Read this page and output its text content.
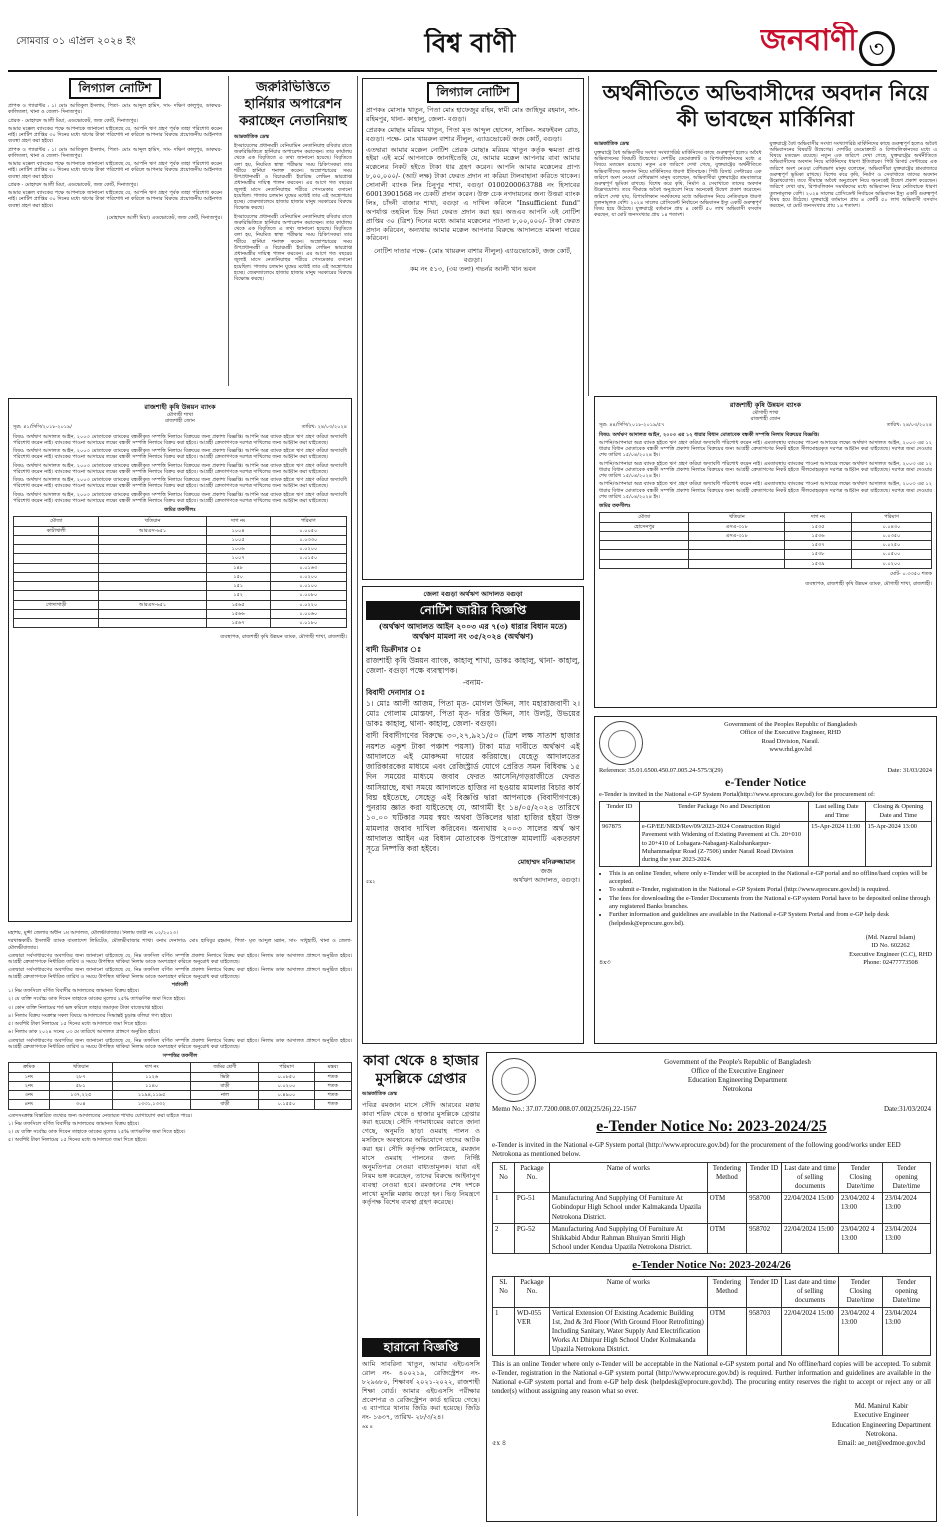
সোমবার ০১ এপ্রিল ২০২৪ ইং	বিশ্ব বাণী	জনবাণী ৩
লিগ্যাল নোটিশ
প্রাপক ও গ্যারান্টর : ১। মোঃ আতিকুল ইসলাম, পিতা- মোঃ আব্দুল হামিদ, সাং- দক্ষিণ কালুপুর, ডাকঘর- কালিতলা, থানা ও জেলা- দিনাজপুর।
প্রেরক - মোহাম্মদ আলী মিয়া, এডভোকেট, জজ কোর্ট, দিনাজপুর।
আমার মক্কেল ব্যাংকের পক্ষে আপনাকে জানানো যাইতেছে যে, আপনি ঋণ গ্রহণ পূর্বক তাহা পরিশোধ করেন নাই। নোটিশ প্রাপ্তির ৩০ দিনের মধ্যে ঋণের টাকা পরিশোধ না করিলে আপনার বিরুদ্ধে প্রয়োজনীয় আইনগত ব্যবস্থা গ্রহণ করা হইবে।
প্রাপক ও গ্যারান্টর : ১। মোঃ আতিকুল ইসলাম, পিতা- মোঃ আব্দুল হামিদ, সাং- দক্ষিণ কালুপুর, ডাকঘর- কালিতলা, থানা ও জেলা- দিনাজপুর।
আমার মক্কেল ব্যাংকের পক্ষে আপনাকে জানানো যাইতেছে যে, আপনি ঋণ গ্রহণ পূর্বক তাহা পরিশোধ করেন নাই। নোটিশ প্রাপ্তির ৩০ দিনের মধ্যে ঋণের টাকা পরিশোধ না করিলে আপনার বিরুদ্ধে প্রয়োজনীয় আইনগত ব্যবস্থা গ্রহণ করা হইবে।
প্রেরক - মোহাম্মদ আলী মিয়া, এডভোকেট, জজ কোর্ট, দিনাজপুর।
আমার মক্কেল ব্যাংকের পক্ষে আপনাকে জানানো যাইতেছে যে, আপনি ঋণ গ্রহণ পূর্বক তাহা পরিশোধ করেন নাই। নোটিশ প্রাপ্তির ৩০ দিনের মধ্যে ঋণের টাকা পরিশোধ না করিলে আপনার বিরুদ্ধে প্রয়োজনীয় আইনগত ব্যবস্থা গ্রহণ করা হইবে।
(মোহাম্মদ আলী মিয়া) এডভোকেট, জজ কোর্ট, দিনাজপুর।
জরুরিভিত্তিতে হার্নিয়ার অপারেশন করাচ্ছেন নেতানিয়াহু
আন্তর্জাতিক ডেস্ক
ইসরায়েলের প্রধানমন্ত্রী বেনিয়ামিন নেতানিয়াহু রবিবার রাতে জরুরিভিত্তিতে হার্নিয়ার অপারেশন করাচ্ছেন। তার কার্যালয় থেকে এক বিবৃতিতে এ তথ্য জানানো হয়েছে। বিবৃতিতে বলা হয়, নিয়মিত স্বাস্থ্য পরীক্ষার সময় চিকিৎসকরা তার শরীরে হার্নিয়া শনাক্ত করেন। অস্ত্রোপচারের সময় উপপ্রধানমন্ত্রী ও বিচারমন্ত্রী ইয়ারিভ লেভিন ভারপ্রাপ্ত প্রধানমন্ত্রীর দায়িত্ব পালন করবেন। এর আগে গত বছরের জুলাই মাসে নেতানিয়াহুর শরীরে পেসমেকার বসানো হয়েছিল। গাজায় চলমান যুদ্ধের মধ্যেই তার এই অস্ত্রোপচার হচ্ছে। জেরুজালেমে হাজার হাজার মানুষ সরকারের বিরুদ্ধে বিক্ষোভ করছে।
ইসরায়েলের প্রধানমন্ত্রী বেনিয়ামিন নেতানিয়াহু রবিবার রাতে জরুরিভিত্তিতে হার্নিয়ার অপারেশন করাচ্ছেন। তার কার্যালয় থেকে এক বিবৃতিতে এ তথ্য জানানো হয়েছে। বিবৃতিতে বলা হয়, নিয়মিত স্বাস্থ্য পরীক্ষার সময় চিকিৎসকরা তার শরীরে হার্নিয়া শনাক্ত করেন। অস্ত্রোপচারের সময় উপপ্রধানমন্ত্রী ও বিচারমন্ত্রী ইয়ারিভ লেভিন ভারপ্রাপ্ত প্রধানমন্ত্রীর দায়িত্ব পালন করবেন। এর আগে গত বছরের জুলাই মাসে নেতানিয়াহুর শরীরে পেসমেকার বসানো হয়েছিল। গাজায় চলমান যুদ্ধের মধ্যেই তার এই অস্ত্রোপচার হচ্ছে। জেরুজালেমে হাজার হাজার মানুষ সরকারের বিরুদ্ধে বিক্ষোভ করছে।
লিগ্যাল নোটিশ
প্রাপকঃ মোসাঃ খাতুন, পিতা মোঃ হাফেজুর রহিম, স্বামী মোঃ জাহিদুর রহমান, সাং- রহিমপুর, থানা- কাহালু, জেলা- বগুড়া।
প্রেরকঃ মোছাঃ মরিয়ম খাতুন, পিতা মৃত আব্দুল হোসেন, সাকিন- সরফইবল রোড, বগুড়া। পক্ষে- মোঃ খায়রুল বাশার নীলুল, এ্যাডভোকেট জজ কোর্ট, বগুড়া।
এতদ্বারা আমার মক্কেল নোটিশ প্রেরক মোছাঃ মরিয়ম খাতুন কর্তৃক ক্ষমতা প্রাপ্ত হইয়া এই মর্মে আপনাকে জানাইতেছি যে, আমার মক্কেল আপনার বাবা আমার মক্কেলের নিকট হইতে টাকা ধার গ্রহণ করেন। আপনি আমার মক্কেলের প্রাপ্য ৮,০০,০০০/- (আট লক্ষ) টাকা ফেরত প্রদান না করিয়া টালবাহানা করিতে থাকেন। সোনালী ব্যাংক লিঃ চিনুপুর শাখা, বগুড়া 0100200063788 নং হিসাবের 60013901568 নং চেকটি প্রদান করেন। উক্ত চেক নগদায়নের জন্য উত্তরা ব্যাংক লিঃ, চাঁদনী বাজার শাখা, বগুড়া এ দাখিল করিলে "Insufficient fund" অপর্যাপ্ত তহবিল চিহ্ন দিয়া ফেরত প্রদান করা হয়। অতএব আপনি এই নোটিশ প্রাপ্তির ৩০ (ত্রিশ) দিনের মধ্যে আমার মক্কেলের পাওনা ৮,০০,০০০/- টাকা ফেরত প্রদান করিবেন, অন্যথায় আমার মক্কেল আপনার বিরুদ্ধে আদালতে মামলা দায়ের করিবেন।
নোটিশ দাতার পক্ষে- (মোঃ খায়রুল বাশার নীলুল) এ্যাডভোকেট, জজ কোর্ট, বগুড়া।
কম নং ৫১৩, (৩য় তলা) গভর্নর আলী খান ভবন
অর্থনীতিতে অভিবাসীদের অবদান নিয়ে কী ভাবছেন মার্কিনিরা
আন্তর্জাতিক ডেস্ক
যুক্তরাষ্ট্রে বৈধ অভিবাসীর সংখ্যা সংখ্যাগরিষ্ঠ মার্কিনিদের কাছে গুরুত্বপূর্ণ হলেও অবৈধ অভিবাসনের বিষয়টি উদ্বেগের। দেশটির ডেমোক্র্যাট ও রিপাবলিকানদের মধ্যে এ বিষয়ে মতভেদ রয়েছে। নতুন এক জরিপে দেখা গেছে, যুক্তরাষ্ট্রের অর্থনীতিতে অভিবাসীদের অবদান নিয়ে মার্কিনিদের ধারণা ইতিবাচক। পিউ রিসার্চ সেন্টারের এক জরিপে অংশ নেওয়া বেশিরভাগ মানুষ বলেছেন, অভিবাসীরা যুক্তরাষ্ট্রের শ্রমবাজারে গুরুত্বপূর্ণ ভূমিকা রাখছে। বিশেষ করে কৃষি, নির্মাণ ও সেবাখাতে তাদের অবদান উল্লেখযোগ্য। তবে সীমান্তে অবৈধ অনুপ্রবেশ নিয়ে অনেকেই উদ্বেগ প্রকাশ করেছেন। জরিপে দেখা যায়, রিপাবলিকান সমর্থকদের মধ্যে অভিবাসন নিয়ে নেতিবাচক ধারণা তুলনামূলক বেশি। ২০২৪ সালের প্রেসিডেন্ট নির্বাচনে অভিবাসন ইস্যু একটি গুরুত্বপূর্ণ বিষয় হয়ে উঠেছে। যুক্তরাষ্ট্রে বর্তমানে প্রায় ৪ কোটি ৫০ লাখ অভিবাসী বসবাস করছেন, যা মোট জনসংখ্যার প্রায় ১৪ শতাংশ।
যুক্তরাষ্ট্রে বৈধ অভিবাসীর সংখ্যা সংখ্যাগরিষ্ঠ মার্কিনিদের কাছে গুরুত্বপূর্ণ হলেও অবৈধ অভিবাসনের বিষয়টি উদ্বেগের। দেশটির ডেমোক্র্যাট ও রিপাবলিকানদের মধ্যে এ বিষয়ে মতভেদ রয়েছে। নতুন এক জরিপে দেখা গেছে, যুক্তরাষ্ট্রের অর্থনীতিতে অভিবাসীদের অবদান নিয়ে মার্কিনিদের ধারণা ইতিবাচক। পিউ রিসার্চ সেন্টারের এক জরিপে অংশ নেওয়া বেশিরভাগ মানুষ বলেছেন, অভিবাসীরা যুক্তরাষ্ট্রের শ্রমবাজারে গুরুত্বপূর্ণ ভূমিকা রাখছে। বিশেষ করে কৃষি, নির্মাণ ও সেবাখাতে তাদের অবদান উল্লেখযোগ্য। তবে সীমান্তে অবৈধ অনুপ্রবেশ নিয়ে অনেকেই উদ্বেগ প্রকাশ করেছেন। জরিপে দেখা যায়, রিপাবলিকান সমর্থকদের মধ্যে অভিবাসন নিয়ে নেতিবাচক ধারণা তুলনামূলক বেশি। ২০২৪ সালের প্রেসিডেন্ট নির্বাচনে অভিবাসন ইস্যু একটি গুরুত্বপূর্ণ বিষয় হয়ে উঠেছে। যুক্তরাষ্ট্রে বর্তমানে প্রায় ৪ কোটি ৫০ লাখ অভিবাসী বসবাস করছেন, যা মোট জনসংখ্যার প্রায় ১৪ শতাংশ।
রাজশাহী কৃষি উন্নয়ন ব্যাংক
মৌগাছী শাখা
রাজশাহী জোন
সূত্র: ৪৪/সিসি/২০১৮-২০১৯/৫৭	তারিখ: ২৪/০৩/২০২৪
বিষয়: অর্থঋণ আদালত আইন, ২০০৩ এর ১২ ধারার বিধান মোতাবেক বন্ধকী সম্পত্তি নিলাম বিক্রয়ের বিজ্ঞপ্তি।
আপনি/আপনারা অত্র ব্যাংক হইতে ঋণ গ্রহণ করিয়া অদ্যাবধি পরিশোধ করেন নাই। এমতাবস্থায় ব্যাংকের পাওনা আদায়ের লক্ষ্যে অর্থঋণ আদালত আইন, ২০০৩ এর ১২ ধারার বিধান মোতাবেক বন্ধকী সম্পত্তি প্রকাশ্য নিলামে বিক্রয়ের জন্য আগ্রহী ক্রেতাগণের নিকট হইতে সীলমোহরকৃত দরপত্র আহ্বান করা যাইতেছে। দরপত্র জমা দেওয়ার শেষ তারিখ ১৫/০৪/২০২৪ ইং।
আপনি/আপনারা অত্র ব্যাংক হইতে ঋণ গ্রহণ করিয়া অদ্যাবধি পরিশোধ করেন নাই। এমতাবস্থায় ব্যাংকের পাওনা আদায়ের লক্ষ্যে অর্থঋণ আদালত আইন, ২০০৩ এর ১২ ধারার বিধান মোতাবেক বন্ধকী সম্পত্তি প্রকাশ্য নিলামে বিক্রয়ের জন্য আগ্রহী ক্রেতাগণের নিকট হইতে সীলমোহরকৃত দরপত্র আহ্বান করা যাইতেছে। দরপত্র জমা দেওয়ার শেষ তারিখ ১৫/০৪/২০২৪ ইং।
আপনি/আপনারা অত্র ব্যাংক হইতে ঋণ গ্রহণ করিয়া অদ্যাবধি পরিশোধ করেন নাই। এমতাবস্থায় ব্যাংকের পাওনা আদায়ের লক্ষ্যে অর্থঋণ আদালত আইন, ২০০৩ এর ১২ ধারার বিধান মোতাবেক বন্ধকী সম্পত্তি প্রকাশ্য নিলামে বিক্রয়ের জন্য আগ্রহী ক্রেতাগণের নিকট হইতে সীলমোহরকৃত দরপত্র আহ্বান করা যাইতেছে। দরপত্র জমা দেওয়ার শেষ তারিখ ১৫/০৪/২০২৪ ইং।
জমির তফসীলঃ
মৌজা	খতিয়ান	দাগ নং	পরিমাণ
হোসেনপুর	এসএ-৩১৮	১৫৩৫	০.০৪৩০
	এসএ-৩১৮	১৫৩৬	০.০৩৫০
		১৫৩৭	০.০২৫০
		১৫৩৮	০.০৫০০
		১৫৩৯	০.০২০০
মোট- ০.৩৩৫০ শতক
ব্যবস্থাপক, রাজশাহী কৃষি উন্নয়ন ব্যাংক, মৌগাছী শাখা, রাজশাহী।
রাজশাহী কৃষি উন্নয়ন ব্যাংক
মৌগাছী শাখা
রাজশাহী জোন
সূত্র: ৪১/সিসি/২০১৮-২০১৯/	তারিখ: ২৪/০৩/২০২৪
বিষয়: অর্থঋণ আদালত আইন, ২০০৩ মোতাবেক ব্যাংকের বন্ধকীকৃত সম্পত্তি নিলামে বিক্রয়ের জন্য প্রকাশ্য বিজ্ঞপ্তি। আপনি অত্র ব্যাংক হইতে ঋণ গ্রহণ করিয়া অদ্যাবধি পরিশোধ করেন নাই। ব্যাংকের পাওনা আদায়ের লক্ষ্যে বন্ধকী সম্পত্তি নিলামে বিক্রয় করা হইবে। আগ্রহী ক্রেতাগণকে দরপত্র দাখিলের জন্য আহ্বান করা যাইতেছে।
বিষয়: অর্থঋণ আদালত আইন, ২০০৩ মোতাবেক ব্যাংকের বন্ধকীকৃত সম্পত্তি নিলামে বিক্রয়ের জন্য প্রকাশ্য বিজ্ঞপ্তি। আপনি অত্র ব্যাংক হইতে ঋণ গ্রহণ করিয়া অদ্যাবধি পরিশোধ করেন নাই। ব্যাংকের পাওনা আদায়ের লক্ষ্যে বন্ধকী সম্পত্তি নিলামে বিক্রয় করা হইবে। আগ্রহী ক্রেতাগণকে দরপত্র দাখিলের জন্য আহ্বান করা যাইতেছে।
বিষয়: অর্থঋণ আদালত আইন, ২০০৩ মোতাবেক ব্যাংকের বন্ধকীকৃত সম্পত্তি নিলামে বিক্রয়ের জন্য প্রকাশ্য বিজ্ঞপ্তি। আপনি অত্র ব্যাংক হইতে ঋণ গ্রহণ করিয়া অদ্যাবধি পরিশোধ করেন নাই। ব্যাংকের পাওনা আদায়ের লক্ষ্যে বন্ধকী সম্পত্তি নিলামে বিক্রয় করা হইবে। আগ্রহী ক্রেতাগণকে দরপত্র দাখিলের জন্য আহ্বান করা যাইতেছে।
বিষয়: অর্থঋণ আদালত আইন, ২০০৩ মোতাবেক ব্যাংকের বন্ধকীকৃত সম্পত্তি নিলামে বিক্রয়ের জন্য প্রকাশ্য বিজ্ঞপ্তি। আপনি অত্র ব্যাংক হইতে ঋণ গ্রহণ করিয়া অদ্যাবধি পরিশোধ করেন নাই। ব্যাংকের পাওনা আদায়ের লক্ষ্যে বন্ধকী সম্পত্তি নিলামে বিক্রয় করা হইবে। আগ্রহী ক্রেতাগণকে দরপত্র দাখিলের জন্য আহ্বান করা যাইতেছে।
বিষয়: অর্থঋণ আদালত আইন, ২০০৩ মোতাবেক ব্যাংকের বন্ধকীকৃত সম্পত্তি নিলামে বিক্রয়ের জন্য প্রকাশ্য বিজ্ঞপ্তি। আপনি অত্র ব্যাংক হইতে ঋণ গ্রহণ করিয়া অদ্যাবধি পরিশোধ করেন নাই। ব্যাংকের পাওনা আদায়ের লক্ষ্যে বন্ধকী সম্পত্তি নিলামে বিক্রয় করা হইবে। আগ্রহী ক্রেতাগণকে দরপত্র দাখিলের জন্য আহ্বান করা যাইতেছে।
জমির তফসীলঃ
মৌজা	খতিয়ান	দাগ নং	পরিমাণ
কাটাখালী	আরএস-৬৫১	১০০৪	০.০০৫০
		১০০৫	০.০৩৩০
		১০০৬	০.০২০০
		১০০৭	০.০১৫০
		১৪৮	০.০১৬৩
		১৫০	০.০২০০
		১৫১	০.০১০০
		১৫২	০.০০৮০
গোদাগাড়ী	আরএস-৬৫১	১৫৬৫	০.০২২০
		১৫৬৬	০.০০৬০
		১৫৬৭	০.০১৮০
ব্যবস্থাপক, রাজশাহী কৃষি উন্নয়ন ব্যাংক, মৌগাছী শাখা, রাজশাহী।
জেলা বগুড়া অর্থঋণ আদালত বগুড়া
নোটিশ জারীর বিজ্ঞপ্তি
(অর্থঋণ আদালত আইন ২০০৩ এর ৭(৩) ধারার বিধান মতে)
অর্থঋণ মামলা নং ৩৫/২০২৪ (অর্থঋণ)
বাদী ডিক্রীদার ঃ
রাজশাহী কৃষি উন্নয়ন ব্যাংক, কাহালু শাখা, ডাকঃ কাহালু, থানা- কাহালু, জেলা- বগুড়া পক্ষে ব্যবস্থাপক।
-বনাম-
বিবাদী দেনাদার ঃ
১। মোঃ আলী আজম, পিতা মৃত- মোগল উদ্দিন, সাং মহারাজবাণী ২। মোঃ গোলাম মোস্তফা, পিতা মৃত- দরির উদ্দিন, সাং উলট্ট, উভয়ের ডাকঃ কাহালু, থানা- কাহালু, জেলা- বগুড়া।
বাদী বিবাদীগণের বিরুদ্ধে ৩০,২৭,৯২১/৫০ (ত্রিশ লক্ষ সাতাশ হাজার নয়শত একুশ টাকা পঞ্চাশ পয়সা) টাকা মাত্র দাবীতে অর্থঋণ এই আদালতে এই মোকদ্দমা দায়ের করিয়াছে। যেহেতু আদালতের জারিকারকের মাধ্যমে এবং রেজিস্ট্রার্ড যোগে প্রেরিত সমন বিধিবদ্ধ ১৫ দিন সময়ের মাধ্যমে জবাব ফেরত আসেনি/গড়রাজীতে ফেরত আসিয়াছে, যথা সময়ে আদালতে হাজির না হওয়ায় মামলার বিচার কার্য বিঘ্ন হইতেছে, সেহেতু এই বিজ্ঞপ্তি দ্বারা আপনাকে (বিবাদীগণকে) পুনরায় জ্ঞাত করা যাইতেছে যে, আগামী ইং ১৪/০৫/২০২৪ তারিখে ১০.০০ ঘটিকার সময় স্বয়ং অথবা উকিলের দ্বারা হাজির হইয়া উক্ত মামলার জবাব দাখিল করিবেন। অন্যথায় ২০০৩ সালের অর্থ ঋণ আদালত আইন এর বিধান মোতাবেক উপরোক্ত মামলাটি একতরফা সূত্রে নিষ্পত্তি করা হইবে।
৫x২
মোহাম্মদ মনিরুজ্জামান
জজ
অর্থঋণ আদালত, বগুড়া।
Government of the Peoples Republic of Bangladesh
Office of the Executive Engineer, RHD
Road Division, Narail.
www.rhd.gov.bd
Reference: 35.01.6500.450.07.005.24-575/3(29)	Date: 31/03/2024
e-Tender Notice
e-Tender is invited in the National e-GP System Portal(http://www.eprocure.gov.bd) for the procurement of:
Tender ID	Tender Package No and Description	Last selling Date and Time	Closing & Opening Date and Time
967875	e-GP/EE/NRD/Rev/09/2023-2024 Construction Rigid Pavement with Widening of Existing Pavement at Ch. 20+010 to 20+410 of Lohagara-Nabaganj-Kalishankarpur-Muhammadpur Road (Z-7506) under Narail Road Division during the year 2023-2024.	15-Apr-2024 11:00	15-Apr-2024 13:00
• This is an online Tender, where only e-Tender will be accepted in the National e-GP portal and no offline/hard copies will be accepted.
• To submit e-Tender, registration in the National e-GP System Portal (http://www.eprocure.gov.bd) is required.
• The fees for downloading the e-Tender Documents from the National e-GP system Portal have to be deposited online through any registered Banks branches.
• Further information and guidelines are available in the National e-GP System Portal and from e-GP help desk (helpdesk@eprocure.gov.bd).
৪x৩
(Md. Nazrul Islam)
ID No. 602262
Executive Engineer (C.C), RHD
Phone: 02477773508
মহাশয়, মুন্সী জেলার অধীন ১ম আদালত, মৌলভীবাজার। নিলাম জারী নং ০২/২০২৩।
দরখাস্তকারী: ইসলামী ব্যাংক বাংলাদেশ লিমিটেড, মৌলভীবাজার শাখা। বনাম দেনাদার: মোঃ হাবিবুর রহমান, পিতা- মৃত আব্দুল মন্নান, সাং- সাধুহাটি, থানা ও জেলা- মৌলভীবাজার।
এতদ্বারা সর্বসাধারণের অবগতির জন্য জানানো যাইতেছে যে, নিম্ন তফসিল বর্ণিত সম্পত্তি প্রকাশ্য নিলামে বিক্রয় করা হইবে। নিলাম ডাক আদালত প্রাঙ্গণে অনুষ্ঠিত হইবে। আগ্রহী ক্রেতাগণকে নির্ধারিত তারিখ ও সময়ে উপস্থিত থাকিয়া নিলাম ডাকে অংশগ্রহণ করিতে অনুরোধ করা যাইতেছে।
এতদ্বারা সর্বসাধারণের অবগতির জন্য জানানো যাইতেছে যে, নিম্ন তফসিল বর্ণিত সম্পত্তি প্রকাশ্য নিলামে বিক্রয় করা হইবে। নিলাম ডাক আদালত প্রাঙ্গণে অনুষ্ঠিত হইবে। আগ্রহী ক্রেতাগণকে নির্ধারিত তারিখ ও সময়ে উপস্থিত থাকিয়া নিলাম ডাকে অংশগ্রহণ করিতে অনুরোধ করা যাইতেছে।
শর্তাবলী
১। নিম্ন তফসিলে বর্ণিত বিবাদীর আদালতের জামানত বিক্রয় হইবে।
২। যে ব্যক্তি সর্বোচ্চ ডাক দিবেন তাহাকে ডাকের মূল্যের ২৫% তাৎক্ষণিক জমা দিতে হইবে।
৩। কোন ব্যক্তি নিলামের শর্ত ভঙ্গ করিলে তাহার জমাকৃত টাকা বাজেয়াপ্ত হইবে।
৪। নিলাম বিক্রয় সংক্রান্ত সকল বিষয়ে আদালতের সিদ্ধান্তই চূড়ান্ত বলিয়া গণ্য হইবে।
৫। অবশিষ্ট টাকা নিলামের ১৫ দিনের মধ্যে আদালতে জমা দিতে হইবে।
৬। নিলাম ডাক ২০২৪ সনের ০৩ মে তারিখে আদালত প্রাঙ্গণে অনুষ্ঠিত হইবে।
এতদ্বারা সর্বসাধারণের অবগতির জন্য জানানো যাইতেছে যে, নিম্ন তফসিল বর্ণিত সম্পত্তি প্রকাশ্য নিলামে বিক্রয় করা হইবে। নিলাম ডাক আদালত প্রাঙ্গণে অনুষ্ঠিত হইবে। আগ্রহী ক্রেতাগণকে নির্ধারিত তারিখ ও সময়ে উপস্থিত থাকিয়া নিলাম ডাকে অংশগ্রহণ করিতে অনুরোধ করা যাইতেছে।
সম্পত্তির তফসীল
ক্রমিক	খতিয়ান	দাগ নং	জমির শ্রেণী	পরিমাণ	মন্তব্য
১নং	২৮৭	১১২৬	ভিটা	০.০৮৫০	শতক
২নং	৫৮১	১১৪০	বাড়ী	০.০২০০	শতক
৩নং	১৩৭,২২৫	১১৯৪,১১৯৫	নাল	০.৪৯০০	শতক
৪নং	৩০৪	১৩৩১,১৩৩২	বাড়ী	০.১৫৫০	শতক
এতদসংক্রান্ত বিস্তারিত তথ্যের জন্য আদালতের নেজারত শাখায় যোগাযোগ করা যাইতে পারে।
১। নিম্ন তফসিলে বর্ণিত বিবাদীর আদালতের জামানত বিক্রয় হইবে।
২। যে ব্যক্তি সর্বোচ্চ ডাক দিবেন তাহাকে ডাকের মূল্যের ২৫% তাৎক্ষণিক জমা দিতে হইবে।
৫। অবশিষ্ট টাকা নিলামের ১৫ দিনের মধ্যে আদালতে জমা দিতে হইবে।
কাবা থেকে ৪ হাজার মুসল্লিকে গ্রেপ্তার
আন্তর্জাতিক ডেস্ক
পবিত্র রমজান মাসে সৌদি আরবের মক্কায় কাবা শরিফ থেকে ৪ হাজার মুসল্লিকে গ্রেপ্তার করা হয়েছে। সৌদি গণমাধ্যমের বরাতে জানা গেছে, অনুমতি ছাড়া ওমরাহ পালন ও মসজিদে অবস্থানের অভিযোগে তাদের আটক করা হয়। সৌদি কর্তৃপক্ষ জানিয়েছে, রমজান মাসে ওমরাহ পালনের জন্য নির্দিষ্ট অনুমতিপত্র নেওয়া বাধ্যতামূলক। যারা এই নিয়ম ভঙ্গ করেছেন, তাদের বিরুদ্ধে আইনানুগ ব্যবস্থা নেওয়া হবে। রমজানের শেষ দশকে লাখো মুসল্লি মক্কায় জড়ো হন। ভিড় নিয়ন্ত্রণে কর্তৃপক্ষ বিশেষ ব্যবস্থা গ্রহণ করেছে।
হারানো বিজ্ঞপ্তি
আমি সাবরিনা খাতুন, আমার এইচএসসি রোল নং- ৪০০২১৯, রেজিস্ট্রেশন নং- ৮২৯৬৮০, শিক্ষাবর্ষ ২০২১-২০২২, রাজশাহী শিক্ষা বোর্ড। আমার এইচএসসি পরীক্ষার প্রবেশপত্র ও রেজিস্ট্রেশন কার্ড হারিয়ে গেছে। এ ব্যাপারে থানায় জিডি করা হয়েছে। জিডি নং- ১৬৩৭, তারিখ- ২৮/৩/২৪।
৬x ৪
Government of the People's Republic of Bangladesh
Office of the Executive Engineer
Education Engineering Department
Netrokona
Memo No.: 37.07.7200.008.07.002(25/26).22-1567	Date:31/03/2024
e-Tender Notice No: 2023-2024/25
e-Tender is invited in the National e-GP System portal (http://www.eprocure.gov.bd) for the procurement of the following good/works under EED Netrokona as mentioned below.
SL No	Package No.	Name of works	Tendering Method	Tender ID	Last date and time of selling documents	Tender Closing Date/time	Tender opening Date/time
1	PG-51	Manufacturing And Supplying Of Furniture At Gobindopur High School under Kalmakanda Upazila Netrokona District.	OTM	958700	22/04/2024 15:00	23/04/202 4 13:00	23/04/2024 13:00
2	PG-52	Manufacturing And Supplying Of Furniture At Shikkabid Abdur Rahman Bhuiyan Smriti High School under Kendua Upazila Netrokona District.	OTM	958702	22/04/2024 15:00	23/04/202 4 13:00	23/04/2024 13:00
e-Tender Notice No: 2023-2024/26
SL No	Package No.	Name of works	Tendering Method	Tender ID	Last date and time of selling documents	Tender Closing Date/time	Tender opening Date/time
1	WD-055 VER	Vertical Extension Of Existing Academic Building 1st, 2nd & 3rd Floor (With Ground Floor Retrofitting) Including Sanitary, Water Supply And Electrification Works At Dhitpur High School Under Kolmakanda Upazila Netrokona District.	OTM	958703	22/04/2024 15:00	23/04/202 4 13:00	23/04/2024 13:00
This is an online Tender where only e-Tender will be acceptable in the National e-GP system portal and No offline/hard copies will be accepted. To submit e-Tender, registration in the National e-GP system portal (http://www.eprocure.gov.bd) is required. Further information and guidelines are available in the National e-GP system portal and from e-GP help desk (helpdesk@eprocure.gov.bd). The procuring entity reserves the right to accept or reject any or all tender(s) without assigning any reason what so ever.
৫x ৪
Md. Manirul Kabir
Executive Engineer
Education Engineering Department
Netrokona.
Email: ae_net@eedmoe.gov.bd
